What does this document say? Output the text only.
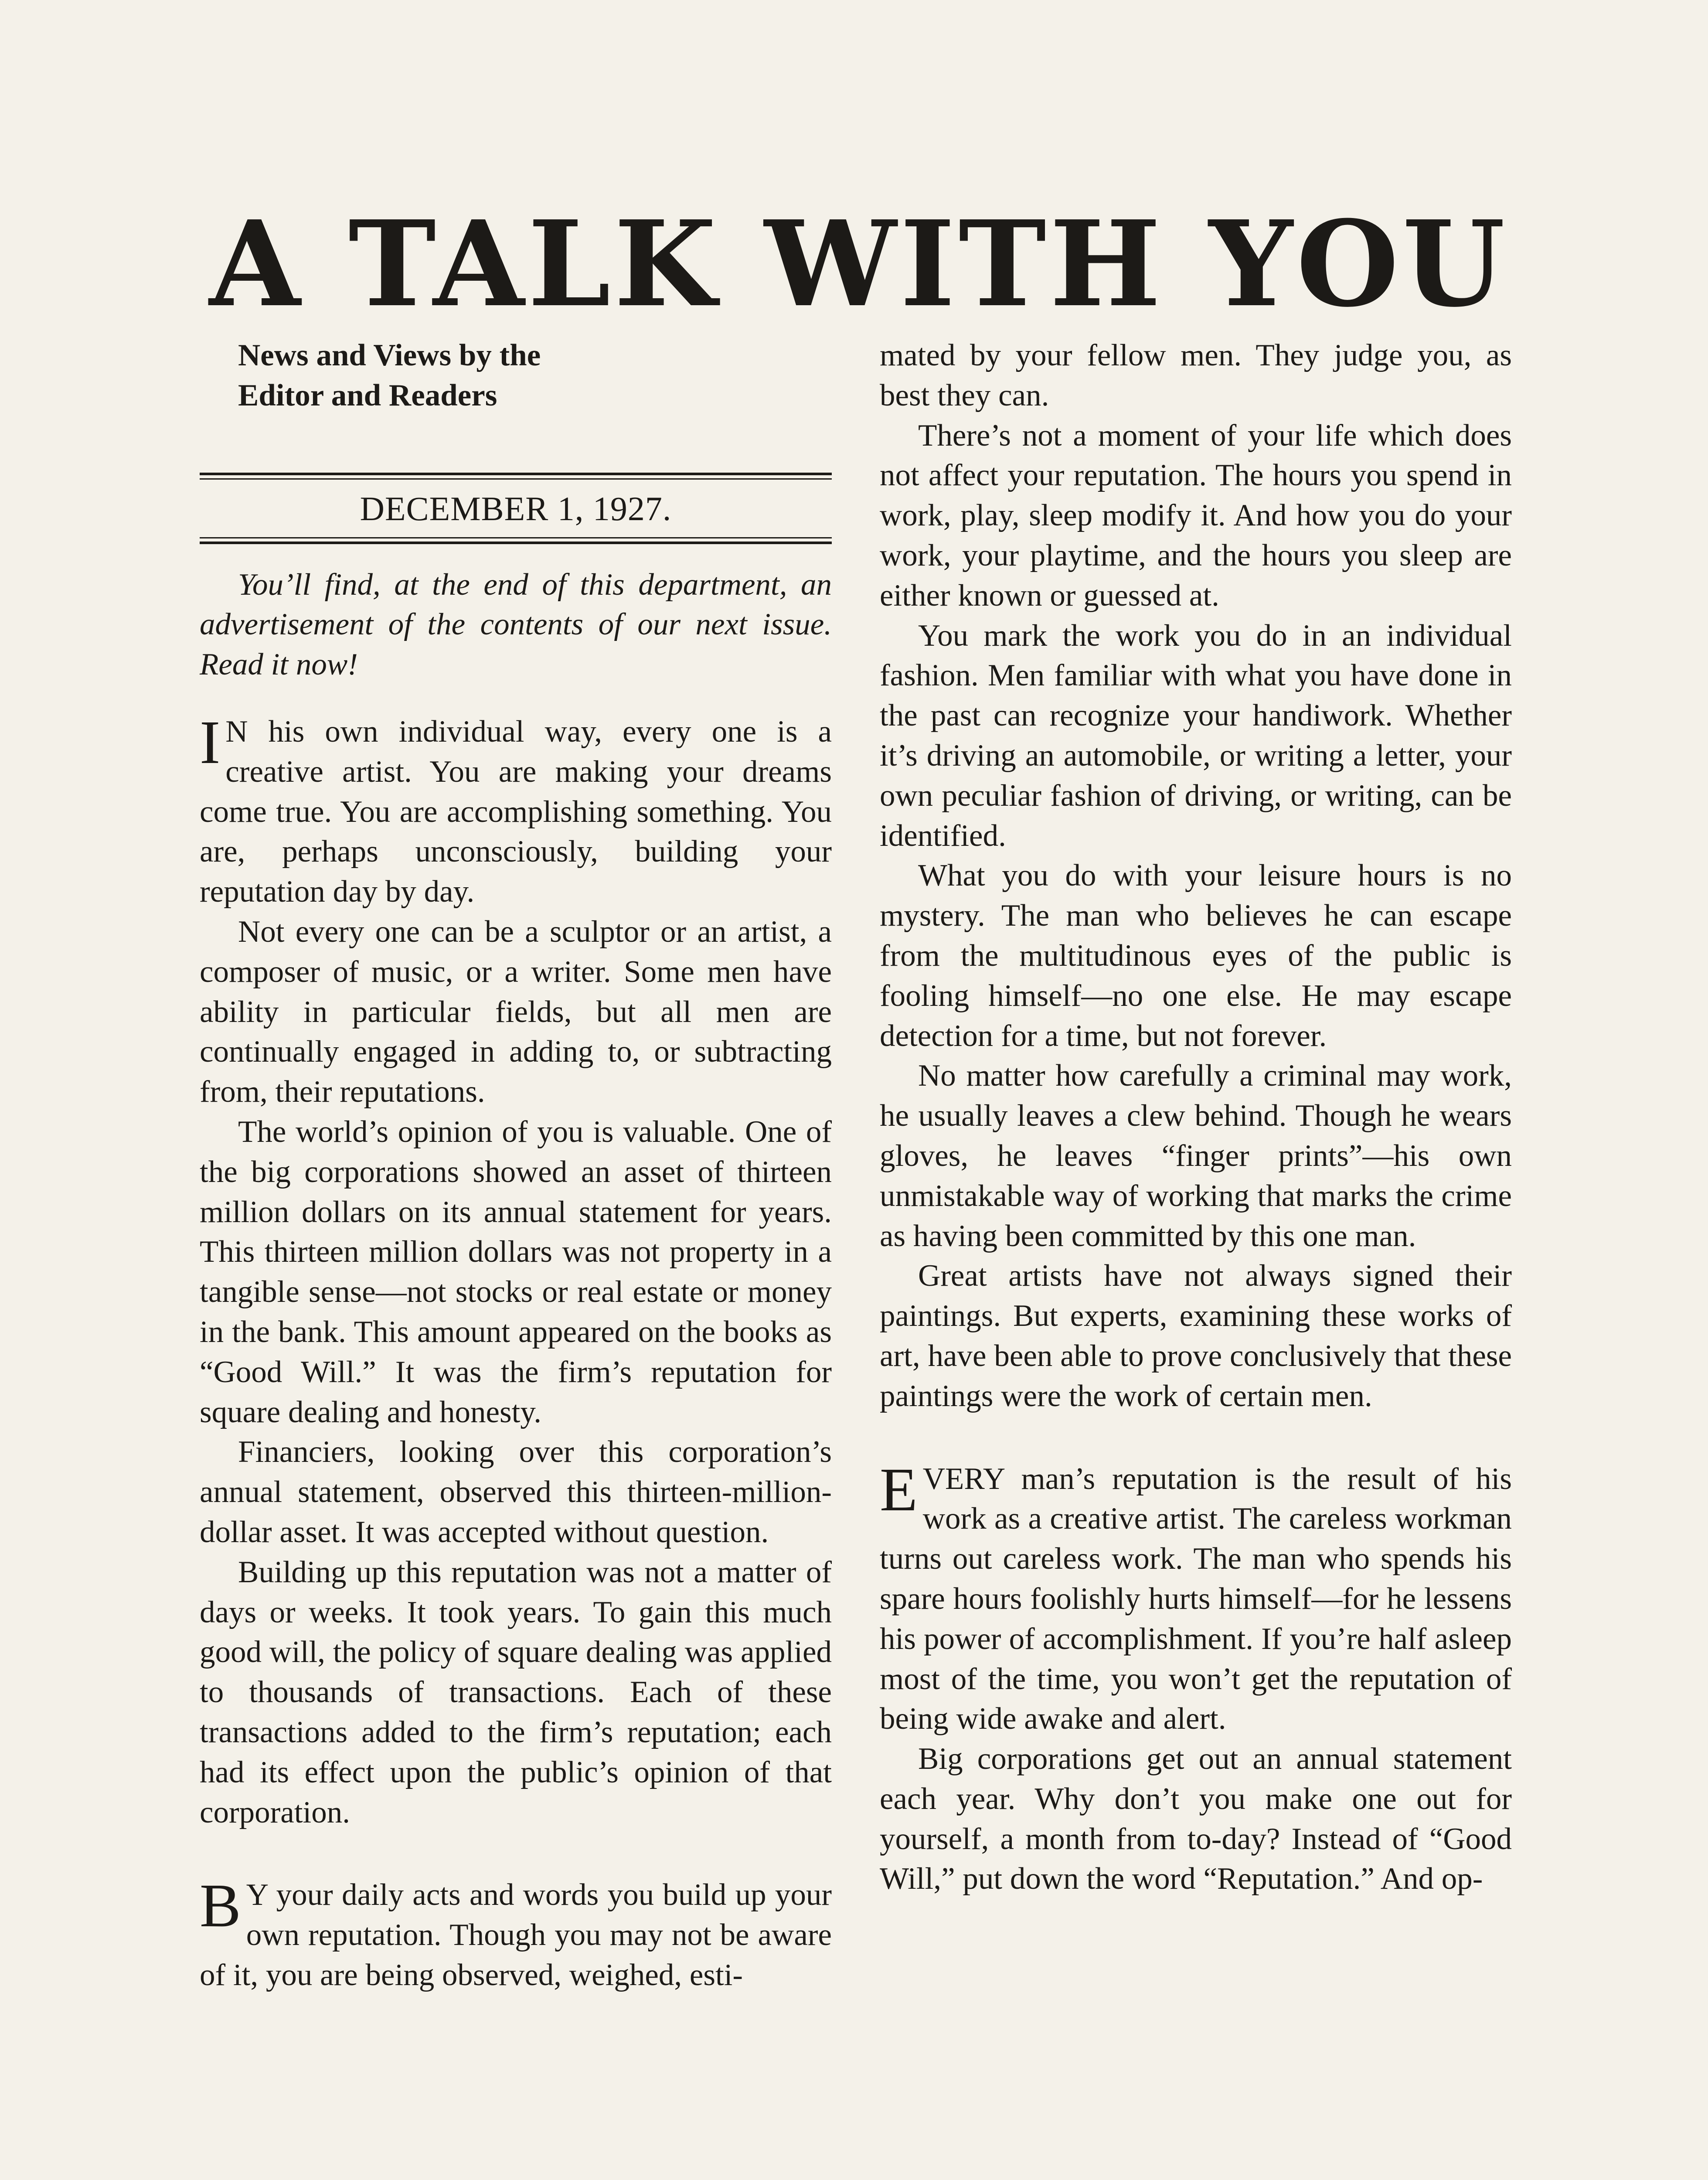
A TALK WITH YOU

News and Views by the

Editor and Readers

DECEMBER 1, 1927.
You’ll find, at the end of this department, an advertisement of the contents of our next issue. Read it now!

I N his own individual way, every one is a creative artist. You are making your dreams come true. You are accomplishing something. You are, perhaps unconsciously, building your reputation day by day.

Not every one can be a sculptor or an artist, a composer of music, or a writer. Some men have ability in particular fields, but all men are continually engaged in adding to, or subtracting from, their reputations.

The world’s opinion of you is valuable. One of the big corporations showed an asset of thirteen million dollars on its annual statement for years. This thirteen million dollars was not property in a tangible sense—not stocks or real estate or money in the bank. This amount appeared on the books as “Good Will.” It was the firm’s reputation for square dealing and honesty.

Financiers, looking over this corporation’s annual statement, observed this thirteen-million-dollar asset. It was accepted without question.

Building up this reputation was not a matter of days or weeks. It took years. To gain this much good will, the policy of square dealing was applied to thousands of transactions. Each of these transactions added to the firm’s reputation; each had its effect upon the public’s opinion of that corporation.

B Y your daily acts and words you build up your own reputation. Though you may not be aware of it, you are being observed, weighed, esti-

mated by your fellow men. They judge you, as best they can.

There’s not a moment of your life which does not affect your reputation. The hours you spend in work, play, sleep modify it. And how you do your work, your playtime, and the hours you sleep are either known or guessed at.

You mark the work you do in an individual fashion. Men familiar with what you have done in the past can recognize your handiwork. Whether it’s driving an automobile, or writing a letter, your own peculiar fashion of driving, or writing, can be identified.

What you do with your leisure hours is no mystery. The man who believes he can escape from the multitudinous eyes of the public is fooling himself—no one else. He may escape detection for a time, but not forever.

No matter how carefully a criminal may work, he usually leaves a clew behind. Though he wears gloves, he leaves “finger prints”—his own unmistakable way of working that marks the crime as having been committed by this one man.

Great artists have not always signed their paintings. But experts, examining these works of art, have been able to prove conclusively that these paintings were the work of certain men.

EVERY man’s reputation is the result of his work as a creative artist. The careless workman turns out careless work. The man who spends his spare hours foolishly hurts himself—for he lessens his power of accomplishment. If you’re half asleep most of the time, you won’t get the reputation of being wide awake and alert.

Big corporations get out an annual statement each year. Why don’t you make one out for yourself, a month from to-day? Instead of “Good Will,” put down the word “Reputation.” And op-
